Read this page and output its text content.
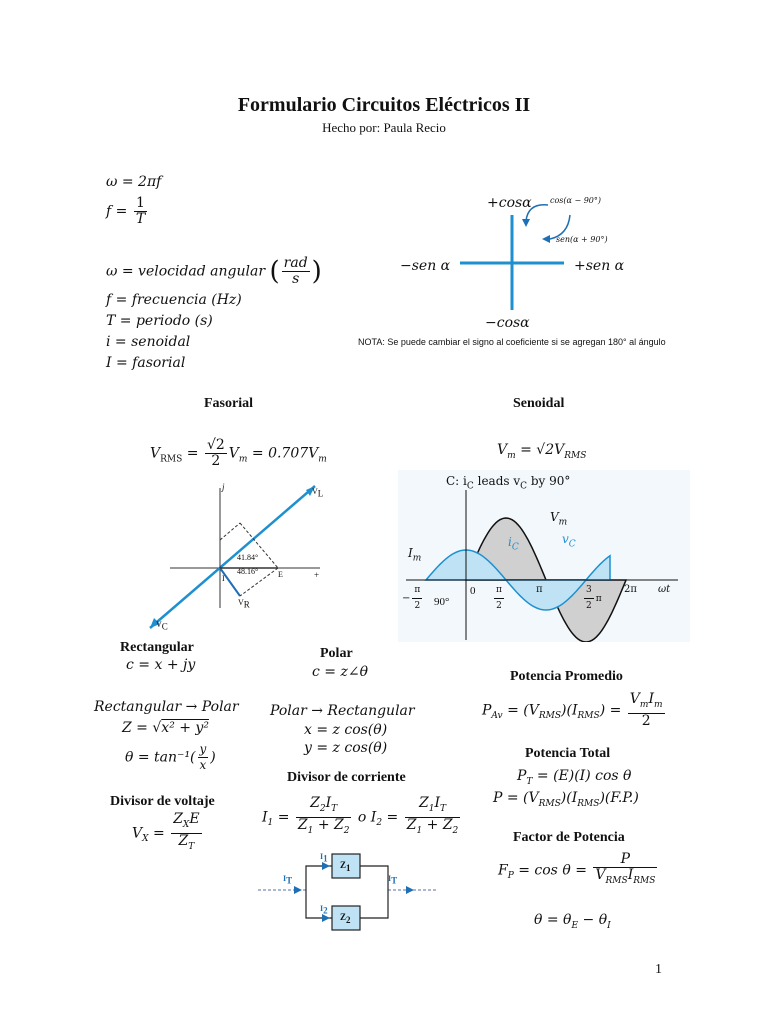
Formulario Circuitos Eléctricos II
Hecho por: Paula Recio
ω = 2πf
$f = \frac{1}{T}$
ω = velocidad angular ( $\frac{\text{rad}}{s}$ )
f = frecuencia (Hz)
T = periodo (s)
i = senoidal
I = fasorial
+cosα
−cosα
−sen α	+sen α
cos(α − 90°)
sen(α + 90°)
NOTA: Se puede cambiar el signo al coeficiente si se agregan 180° al ángulo
Fasorial
$V_{RMS} = \frac{√2}{2} V_m = 0.707V_m$
j	$V_L$
$V_C$
$V_R$
E
I
41.84°
48.16°	+
Senoidal
$V_m = √2V_{RMS}$
C: $i_C$ leads $v_C$ by 90°
$V_m$
$i_C$
$v_C$
$I_m$
− $\frac{\pi}{2}$	$0 \frac{\pi}{2}$	π	$\frac{3}{2}$ π
2π ωt
90°
Rectangular
c = x + jy
Polar
c = z∠θ
Rectangular → Polar
Z = √x² + y²
$\theta = \tan^{-1}( \frac{y}{x}$ )
Polar → Rectangular
x = z cos(θ)
y = z cos(θ)
Divisor de voltaje
$V_X = \frac{Z_XE}{Z_T}$
Divisor de corriente
$I_1 = \frac{Z_2I_T}{Z_1 + Z_2}$ o $I_2 = \frac{Z_1I_T}{Z_1 + Z_2}$
$I_T$	$I_T$
$I_1$
$I_2$
$Z_1$
$Z_2$
Potencia Promedio
$P_{Av} = (V_{RMS})(I_{RMS}) = \frac{V_mI_m}{2}$
Potencia Total
$P_T = (E)(I)$ cos θ
$P = (V_{RMS})(I_{RMS})(F.P.)$
Factor de Potencia
$F_P = \cos \theta = \frac{P}{V_{RMS}I_{RMS}}$
$\theta = \theta_E - \theta_I$
1
